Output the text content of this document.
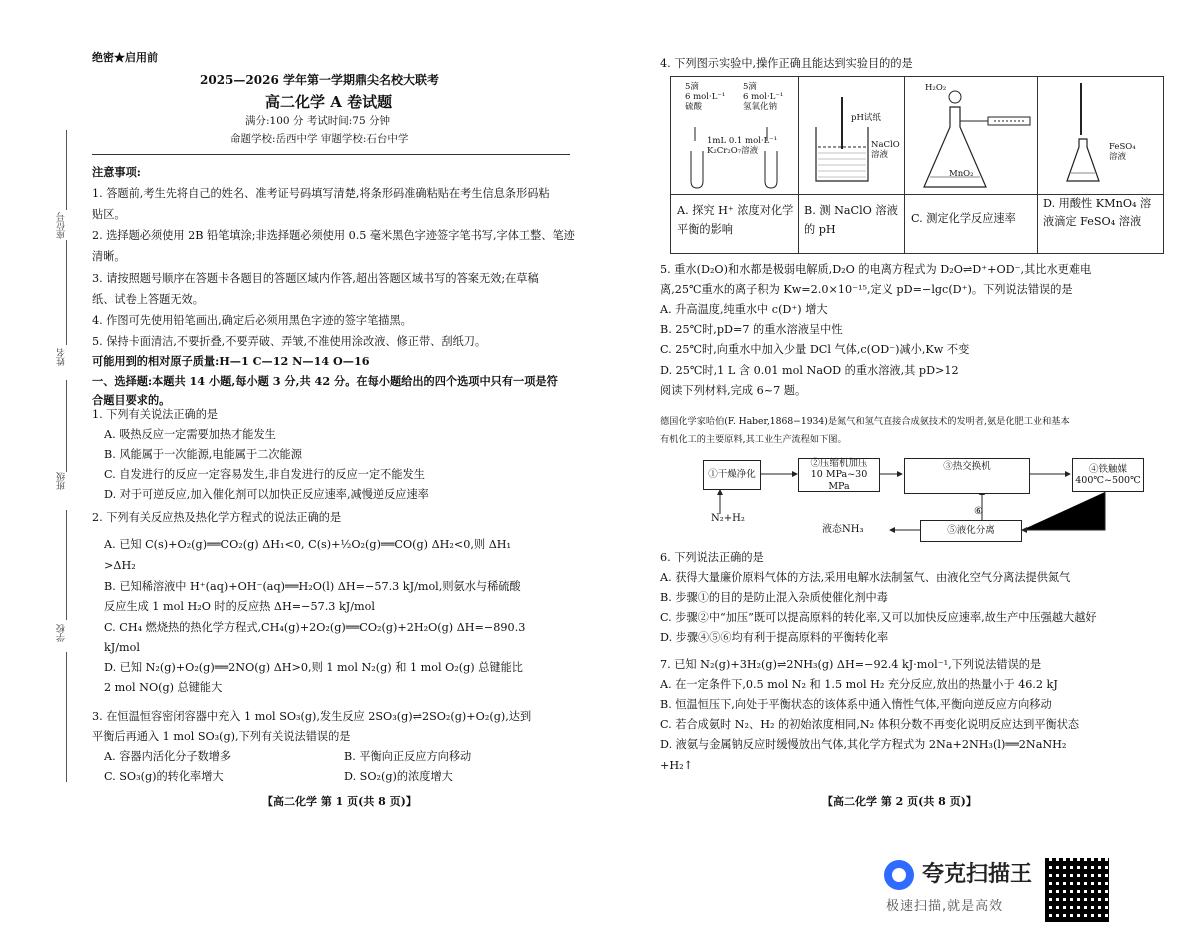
绝密★启用前
2025—2026 学年第一学期鼎尖名校大联考
高二化学 A 卷试题
满分:100 分 考试时间:75 分钟
命题学校:岳西中学 审题学校:石台中学
座位号
姓名
班级
学校
注意事项:
1. 答题前,考生先将自己的姓名、准考证号码填写清楚,将条形码准确粘贴在考生信息条形码粘
贴区。
2. 选择题必须使用 2B 铅笔填涂;非选择题必须使用 0.5 毫米黑色字迹签字笔书写,字体工整、笔迹
清晰。
3. 请按照题号顺序在答题卡各题目的答题区域内作答,超出答题区域书写的答案无效;在草稿
纸、试卷上答题无效。
4. 作图可先使用铅笔画出,确定后必须用黑色字迹的签字笔描黑。
5. 保持卡面清洁,不要折叠,不要弄破、弄皱,不准使用涂改液、修正带、刮纸刀。
可能用到的相对原子质量:H—1 C—12 N—14 O—16
一、选择题:本题共 14 小题,每小题 3 分,共 42 分。在每小题给出的四个选项中只有一项是符
合题目要求的。
1. 下列有关说法正确的是
A. 吸热反应一定需要加热才能发生
B. 风能属于一次能源,电能属于二次能源
C. 自发进行的反应一定容易发生,非自发进行的反应一定不能发生
D. 对于可逆反应,加入催化剂可以加快正反应速率,减慢逆反应速率
2. 下列有关反应热及热化学方程式的说法正确的是
A. 已知 C(s)+O₂(g)══CO₂(g) ΔH₁<0, C(s)+½O₂(g)══CO(g) ΔH₂<0,则 ΔH₁
>ΔH₂
B. 已知稀溶液中 H⁺(aq)+OH⁻(aq)══H₂O(l) ΔH=−57.3 kJ/mol,则氨水与稀硫酸
反应生成 1 mol H₂O 时的反应热 ΔH=−57.3 kJ/mol
C. CH₄ 燃烧热的热化学方程式,CH₄(g)+2O₂(g)══CO₂(g)+2H₂O(g) ΔH=−890.3
kJ/mol
D. 已知 N₂(g)+O₂(g)══2NO(g) ΔH>0,则 1 mol N₂(g) 和 1 mol O₂(g) 总键能比
2 mol NO(g) 总键能大
3. 在恒温恒容密闭容器中充入 1 mol SO₃(g),发生反应 2SO₃(g)⇌2SO₂(g)+O₂(g),达到
平衡后再通入 1 mol SO₃(g),下列有关说法错误的是
A. 容器内活化分子数增多	B. 平衡向正反应方向移动
C. SO₃(g)的转化率增大	D. SO₂(g)的浓度增大
【高二化学 第 1 页(共 8 页)】
4. 下列图示实验中,操作正确且能达到实验目的的是
5滴
6 mol·L⁻¹
硫酸
5滴
6 mol·L⁻¹
氢氧化钠
1mL 0.1 mol·L⁻¹
K₂Cr₂O₇溶液
pH试纸
NaClO
溶液
H₂O₂
MnO₂
FeSO₄
溶液
A. 探究 H⁺ 浓度对化学平衡的影响
B. 测 NaClO 溶液的 pH
C. 测定化学反应速率
D. 用酸性 KMnO₄ 溶液滴定 FeSO₄ 溶液
5. 重水(D₂O)和水都是极弱电解质,D₂O 的电离方程式为 D₂O⇌D⁺+OD⁻,其比水更难电
离,25℃重水的离子积为 Kw=2.0×10⁻¹⁵,定义 pD=−lgc(D⁺)。下列说法错误的是
A. 升高温度,纯重水中 c(D⁺) 增大
B. 25℃时,pD=7 的重水溶液呈中性
C. 25℃时,向重水中加入少量 DCl 气体,c(OD⁻)减小,Kw 不变
D. 25℃时,1 L 含 0.01 mol NaOD 的重水溶液,其 pD>12
阅读下列材料,完成 6~7 题。
德国化学家哈伯(F. Haber,1868−1934)是氮气和氢气直接合成氨技术的发明者,氨是化肥工业和基本
有机化工的主要原料,其工业生产流程如下图。
①干燥净化
②压缩机加压
10 MPa~30 MPa
③热交换机	④铁触媒
400℃~500℃
⑤液化分离
⑥
N₂+H₂
液态NH₃
6. 下列说法正确的是
A. 获得大量廉价原料气体的方法,采用电解水法制氢气、由液化空气分离法提供氮气
B. 步骤①的目的是防止混入杂质使催化剂中毒
C. 步骤②中“加压”既可以提高原料的转化率,又可以加快反应速率,故生产中压强越大越好
D. 步骤④⑤⑥均有利于提高原料的平衡转化率
7. 已知 N₂(g)+3H₂(g)⇌2NH₃(g) ΔH=−92.4 kJ·mol⁻¹,下列说法错误的是
A. 在一定条件下,0.5 mol N₂ 和 1.5 mol H₂ 充分反应,放出的热量小于 46.2 kJ
B. 恒温恒压下,向处于平衡状态的该体系中通入惰性气体,平衡向逆反应方向移动
C. 若合成氨时 N₂、H₂ 的初始浓度相同,N₂ 体积分数不再变化说明反应达到平衡状态
D. 液氨与金属钠反应时缓慢放出气体,其化学方程式为 2Na+2NH₃(l)══2NaNH₂
+H₂↑
【高二化学 第 2 页(共 8 页)】
夸克扫描王
极速扫描,就是高效
